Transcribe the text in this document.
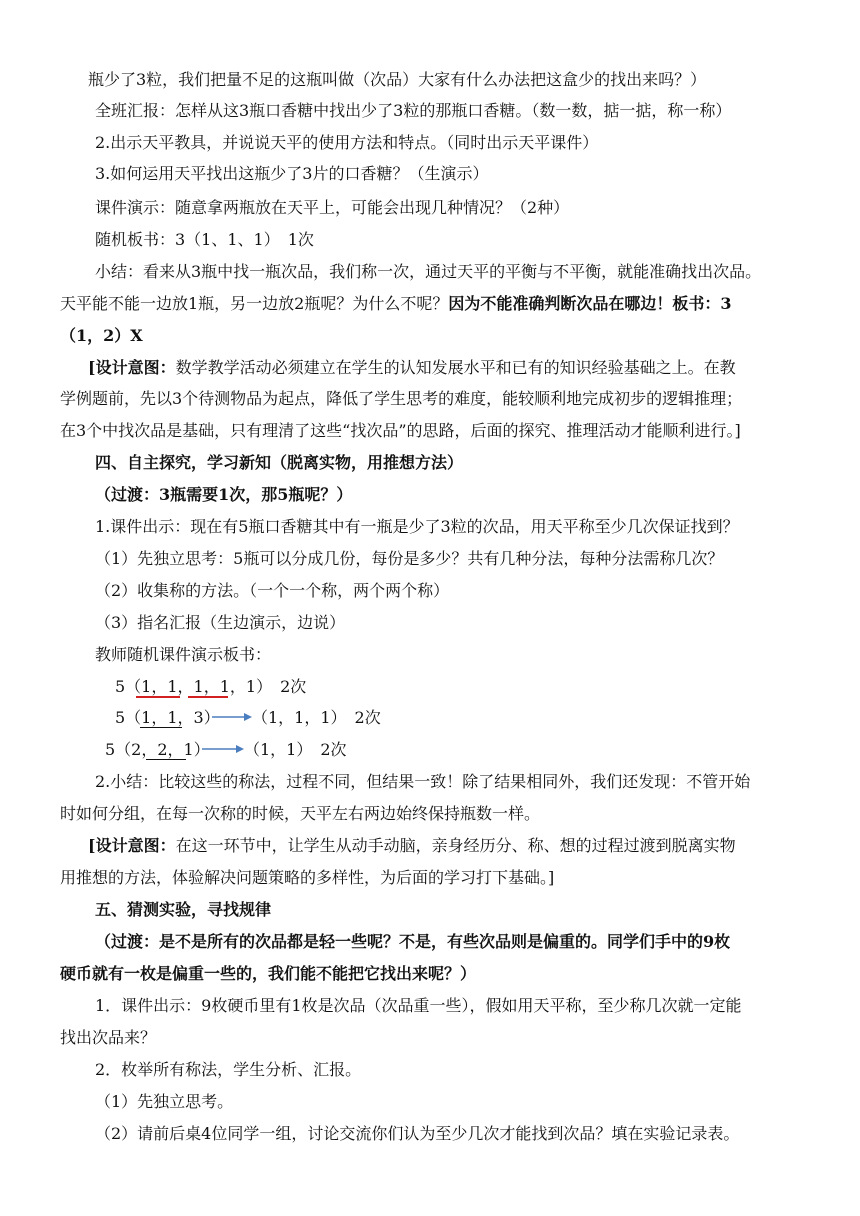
瓶少了3粒，我们把量不足的这瓶叫做（次品）大家有什么办法把这盒少的找出来吗？）
全班汇报：怎样从这3瓶口香糖中找出少了3粒的那瓶口香糖。（数一数，掂一掂，称一称）
2.出示天平教具，并说说天平的使用方法和特点。（同时出示天平课件）
3.如何运用天平找出这瓶少了3片的口香糖？（生演示）
课件演示：随意拿两瓶放在天平上，可能会出现几种情况？（2种）
随机板书：3（1、1、1）　1次
小结：看来从3瓶中找一瓶次品，我们称一次，通过天平的平衡与不平衡，就能准确找出次品。
天平能不能一边放1瓶，另一边放2瓶呢？为什么不呢？因为不能准确判断次品在哪边！板书：3
（1，2）X
[设计意图：数学教学活动必须建立在学生的认知发展水平和已有的知识经验基础之上。在教
学例题前，先以3个待测物品为起点，降低了学生思考的难度，能较顺利地完成初步的逻辑推理；
在3个中找次品是基础，只有理清了这些“找次品”的思路，后面的探究、推理活动才能顺利进行。]
四、自主探究，学习新知（脱离实物，用推想方法）
（过渡：3瓶需要1次，那5瓶呢？）
1.课件出示：现在有5瓶口香糖其中有一瓶是少了3粒的次品，用天平称至少几次保证找到？
（1）先独立思考：5瓶可以分成几份，每份是多少？共有几种分法，每种分法需称几次？
（2）收集称的方法。（一个一个称，两个两个称）
（3）指名汇报（生边演示，边说）
教师随机课件演示板书：
5（1，1，1，1，1）　2次
5（1，1，3） （1，1，1）　2次
5（2，2，1） （1，1）　2次
2.小结：比较这些的称法，过程不同，但结果一致！除了结果相同外，我们还发现：不管开始
时如何分组，在每一次称的时候，天平左右两边始终保持瓶数一样。
[设计意图：在这一环节中，让学生从动手动脑，亲身经历分、称、想的过程过渡到脱离实物
用推想的方法，体验解决问题策略的多样性，为后面的学习打下基础。]
五、猜测实验，寻找规律
（过渡：是不是所有的次品都是轻一些呢？不是，有些次品则是偏重的。同学们手中的9枚
硬币就有一枚是偏重一些的，我们能不能把它找出来呢？）
1．课件出示：9枚硬币里有1枚是次品（次品重一些），假如用天平称，至少称几次就一定能
找出次品来？
2．枚举所有称法，学生分析、汇报。
（1）先独立思考。
（2）请前后桌4位同学一组，讨论交流你们认为至少几次才能找到次品？填在实验记录表。
